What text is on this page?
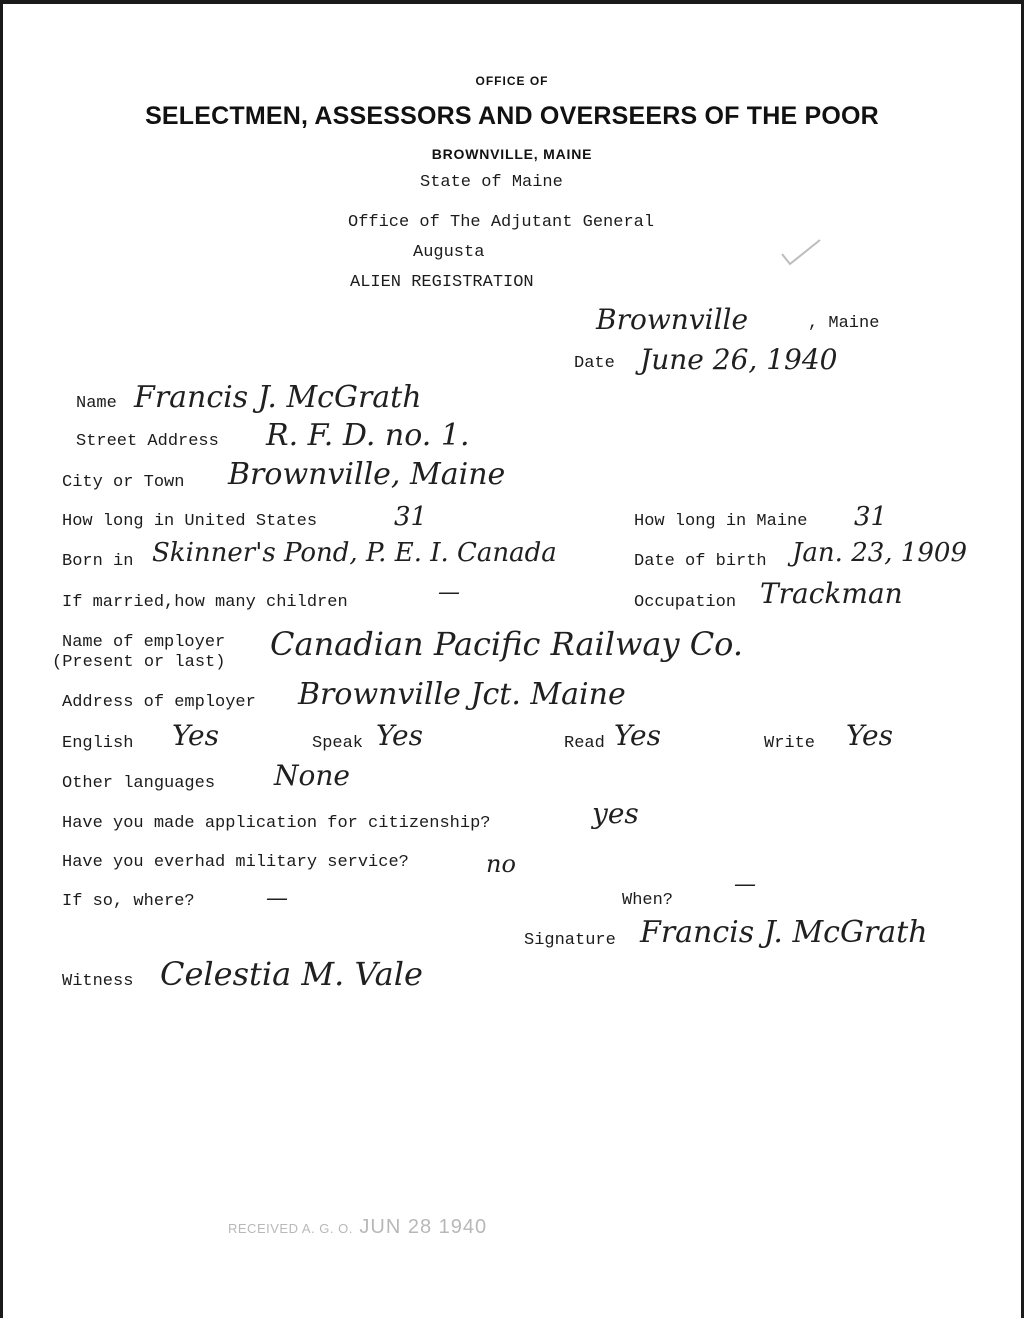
OFFICE OF
SELECTMEN, ASSESSORS AND OVERSEERS OF THE POOR
BROWNVILLE, MAINE
State of Maine
Office of The Adjutant General
Augusta
ALIEN REGISTRATION
Brownville	, Maine
Date June 26, 1940
Name Francis J. McGrath
Street Address R. F. D. no. 1.
City or Town Brownville, Maine
How long in United States	31	How long in Maine 31
Born in Skinner's Pond, P. E. I. Canada	Date of birth Jan. 23, 1909
If married,how many children	—	Occupation Trackman
Name of employer
(Present or last) Canadian Pacific Railway Co.
Address of employer Brownville Jct. Maine
English Yes	Speak Yes	Read Yes	Write Yes
Other languages None
Have you made application for citizenship?	yes
Have you everhad military service?	no
If so, where?	—	When?
—
Signature Francis J. McGrath
Witness Celestia M. Vale
RECEIVED A. G. O. JUN 28 1940
